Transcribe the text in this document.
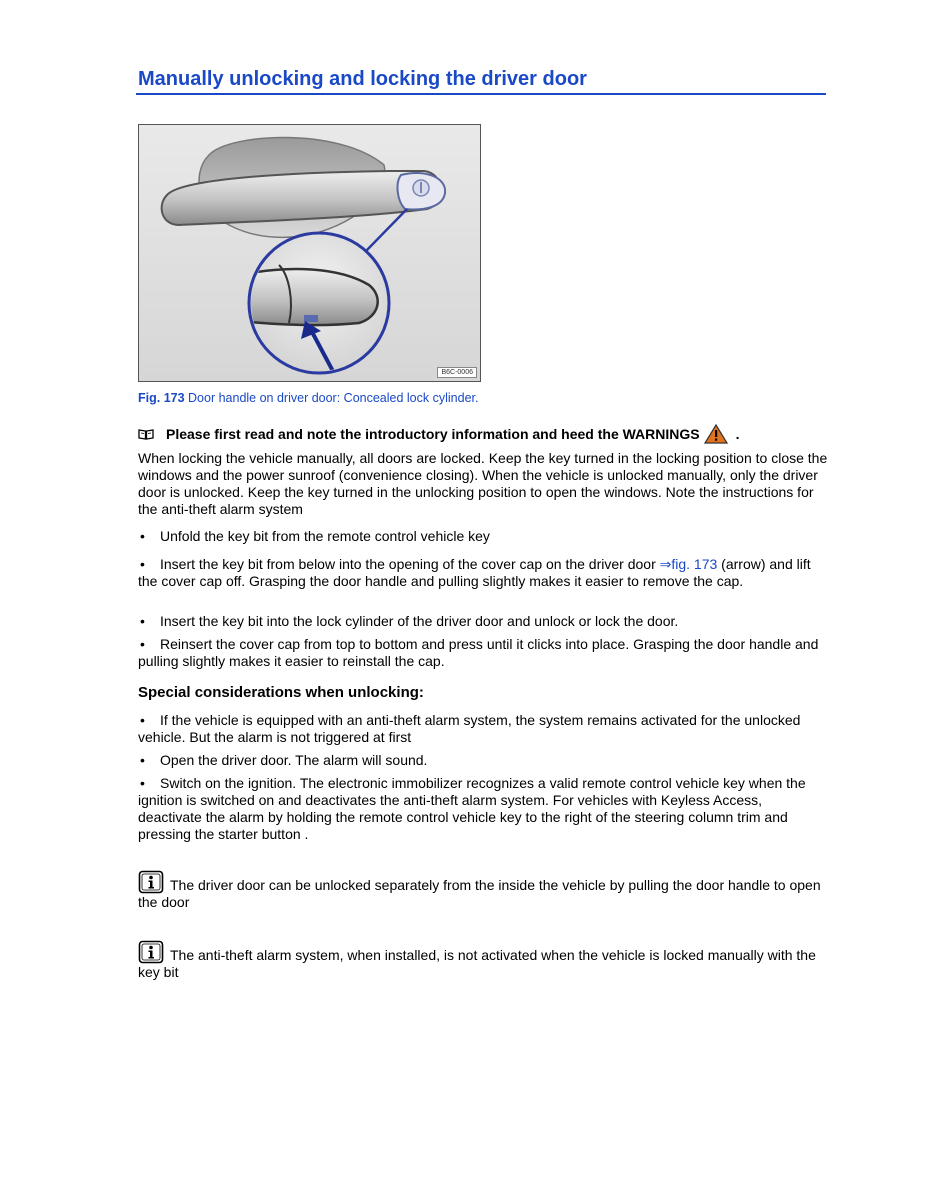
Manually unlocking and locking the driver door
B6C-0006
Fig. 173 Door handle on driver door: Concealed lock cylinder.
Please first read and note the introductory information and heed the WARNINGS	.

When locking the vehicle manually, all doors are locked. Keep the key turned in the locking position to close the windows and the power sunroof (convenience closing). When the vehicle is unlocked manually, only the driver door is unlocked. Keep the key turned in the unlocking position to open the windows. Note the instructions for the anti-theft alarm system

• Unfold the key bit from the remote control vehicle key
• Insert the key bit from below into the opening of the cover cap on the driver door ⇒fig. 173 (arrow) and lift the cover cap off. Grasping the door handle and pulling slightly makes it easier to remove the cap.
• Insert the key bit into the lock cylinder of the driver door and unlock or lock the door.
• Reinsert the cover cap from top to bottom and press until it clicks into place. Grasping the door handle and pulling slightly makes it easier to reinstall the cap.
Special considerations when unlocking:
• If the vehicle is equipped with an anti-theft alarm system, the system remains activated for the unlocked vehicle. But the alarm is not triggered at first
• Open the driver door. The alarm will sound.
• Switch on the ignition. The electronic immobilizer recognizes a valid remote control vehicle key when the ignition is switched on and deactivates the anti-theft alarm system. For vehicles with Keyless Access, deactivate the alarm by holding the remote control vehicle key to the right of the steering column trim and pressing the starter button .
The driver door can be unlocked separately from the inside the vehicle by pulling the door handle to open the door
The anti-theft alarm system, when installed, is not activated when the vehicle is locked manually with the key bit
